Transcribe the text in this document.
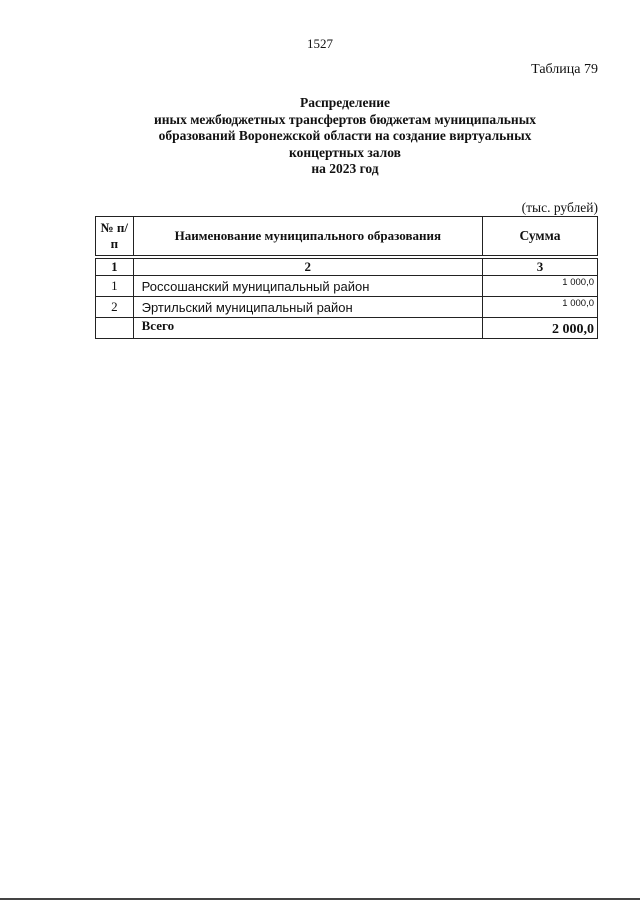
1527
Таблица 79
Распределение
иных межбюджетных трансфертов бюджетам муниципальных
образований Воронежской области на создание виртуальных
концертных залов
на 2023 год
(тыс. рублей)
№ п/п	Наименование муниципального образования	Сумма
1	2	3
1	Россошанский муниципальный район	1 000,0
2	Эртильский муниципальный район	1 000,0
	Всего	2 000,0
